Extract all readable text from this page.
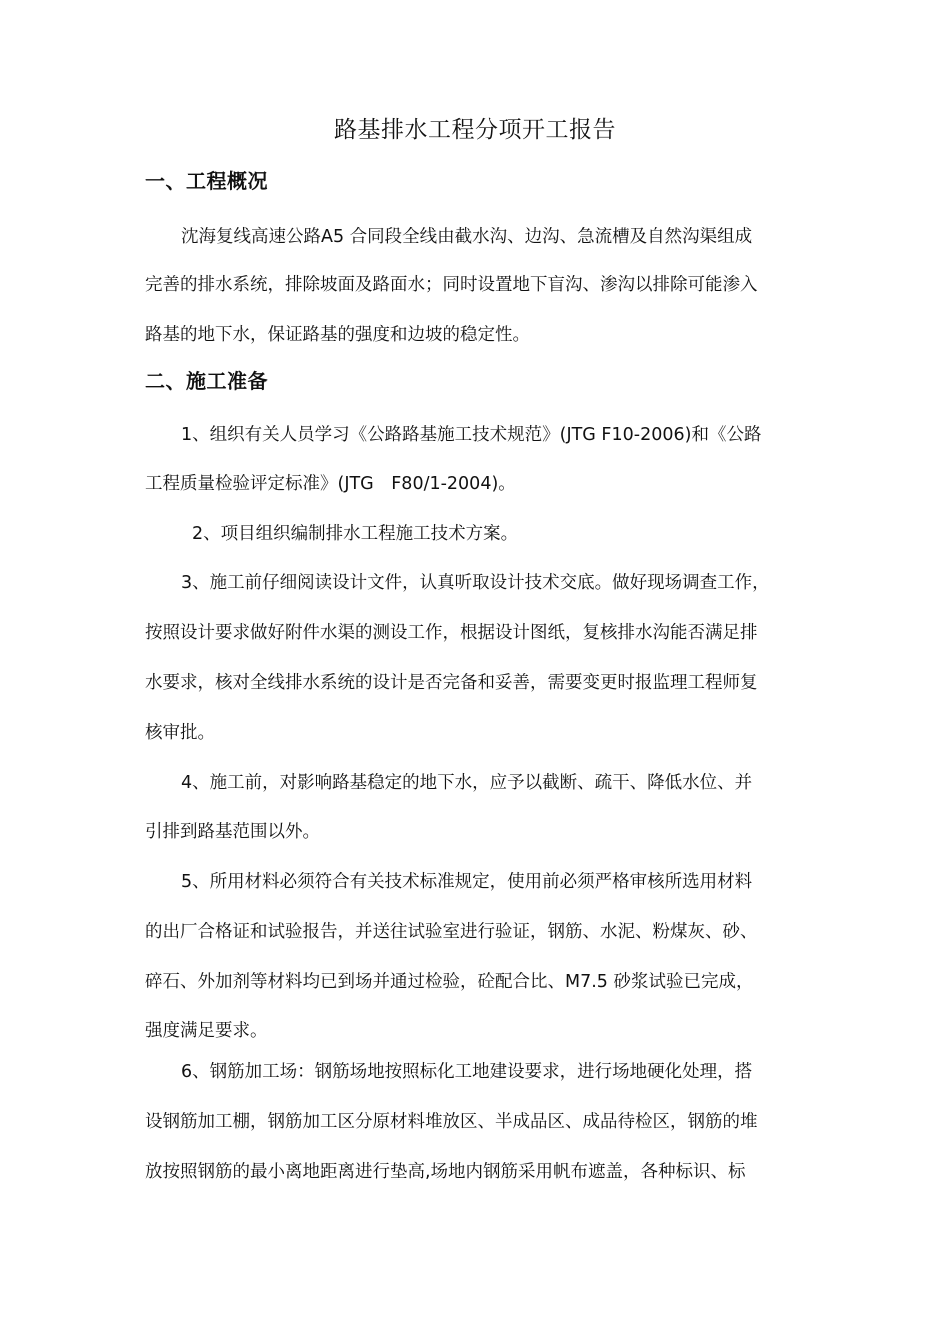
路基排水工程分项开工报告
一、工程概况
沈海复线高速公路A5 合同段全线由截水沟、边沟、急流槽及自然沟渠组成
完善的排水系统，排除坡面及路面水；同时设置地下盲沟、渗沟以排除可能渗入
路基的地下水，保证路基的强度和边坡的稳定性。
二、施工准备
1、组织有关人员学习《公路路基施工技术规范》(JTG F10-2006)和《公路
工程质量检验评定标准》(JTG　F80/1-2004)。
2、项目组织编制排水工程施工技术方案。
3、施工前仔细阅读设计文件，认真听取设计技术交底。做好现场调查工作，
按照设计要求做好附件水渠的测设工作，根据设计图纸，复核排水沟能否满足排
水要求，核对全线排水系统的设计是否完备和妥善，需要变更时报监理工程师复
核审批。
4、施工前，对影响路基稳定的地下水，应予以截断、疏干、降低水位、并
引排到路基范围以外。
5、所用材料必须符合有关技术标准规定，使用前必须严格审核所选用材料
的出厂合格证和试验报告，并送往试验室进行验证，钢筋、水泥、粉煤灰、砂、
碎石、外加剂等材料均已到场并通过检验，砼配合比、M7.5 砂浆试验已完成，
强度满足要求。
6、钢筋加工场：钢筋场地按照标化工地建设要求，进行场地硬化处理，搭
设钢筋加工棚，钢筋加工区分原材料堆放区、半成品区、成品待检区，钢筋的堆
放按照钢筋的最小离地距离进行垫高,场地内钢筋采用帆布遮盖，各种标识、标
